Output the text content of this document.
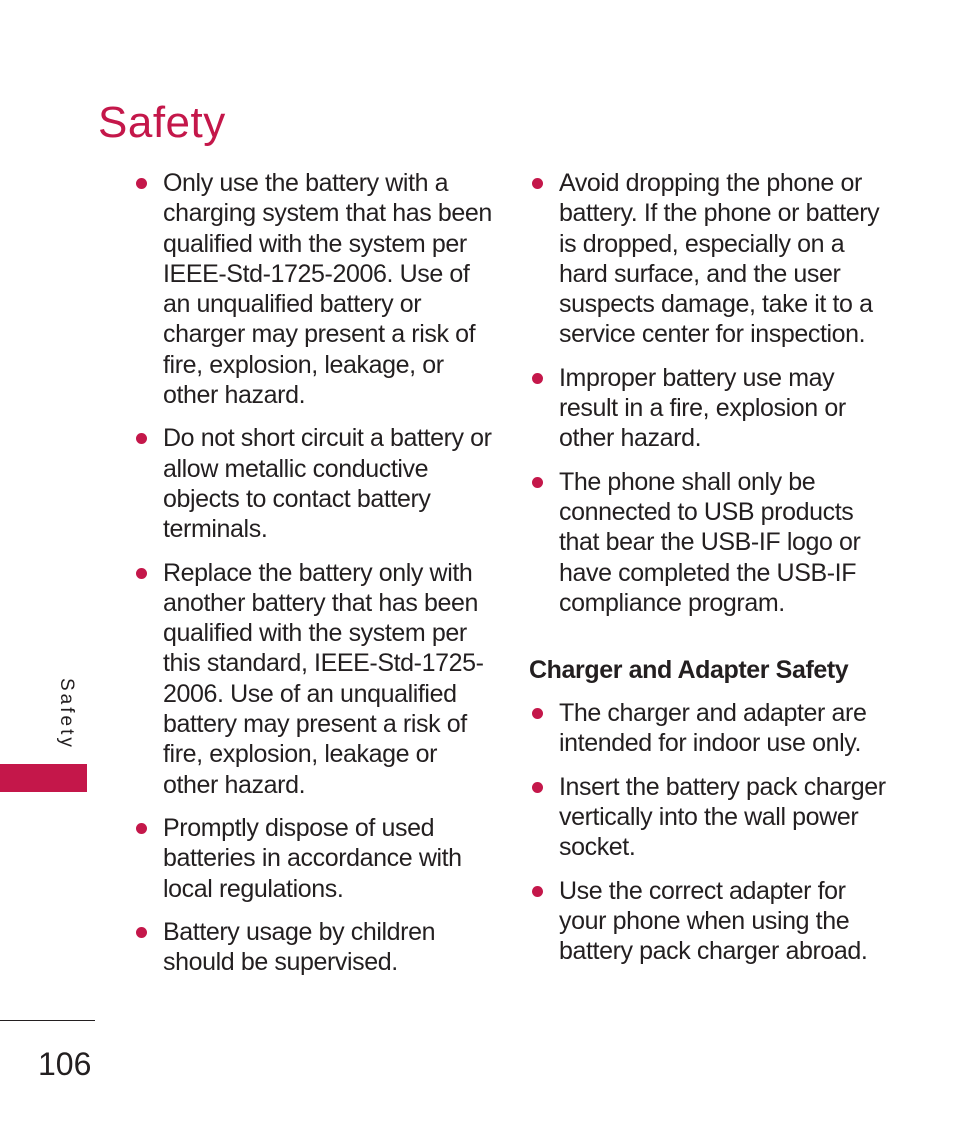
Safety
Only use the battery with a charging system that has been qualified with the system per IEEE-Std-1725-2006. Use of an unqualified battery or charger may present a risk of fire, explosion, leakage, or other hazard.
Do not short circuit a battery or allow metallic conductive objects to contact battery terminals.
Replace the battery only with another battery that has been qualified with the system per this standard, IEEE-Std-1725-2006. Use of an unqualified battery may present a risk of fire, explosion, leakage or other hazard.
Promptly dispose of used batteries in accordance with local regulations.
Battery usage by children should be supervised.
Avoid dropping the phone or battery. If the phone or battery is dropped, especially on a hard surface, and the user suspects damage, take it to a service center for inspection.
Improper battery use may result in a fire, explosion or other hazard.
The phone shall only be connected to USB products that bear the USB-IF logo or have completed the USB-IF compliance program.
Charger and Adapter Safety
The charger and adapter are intended for indoor use only.
Insert the battery pack charger vertically into the wall power socket.
Use the correct adapter for your phone when using the battery pack charger abroad.
Safety
106
